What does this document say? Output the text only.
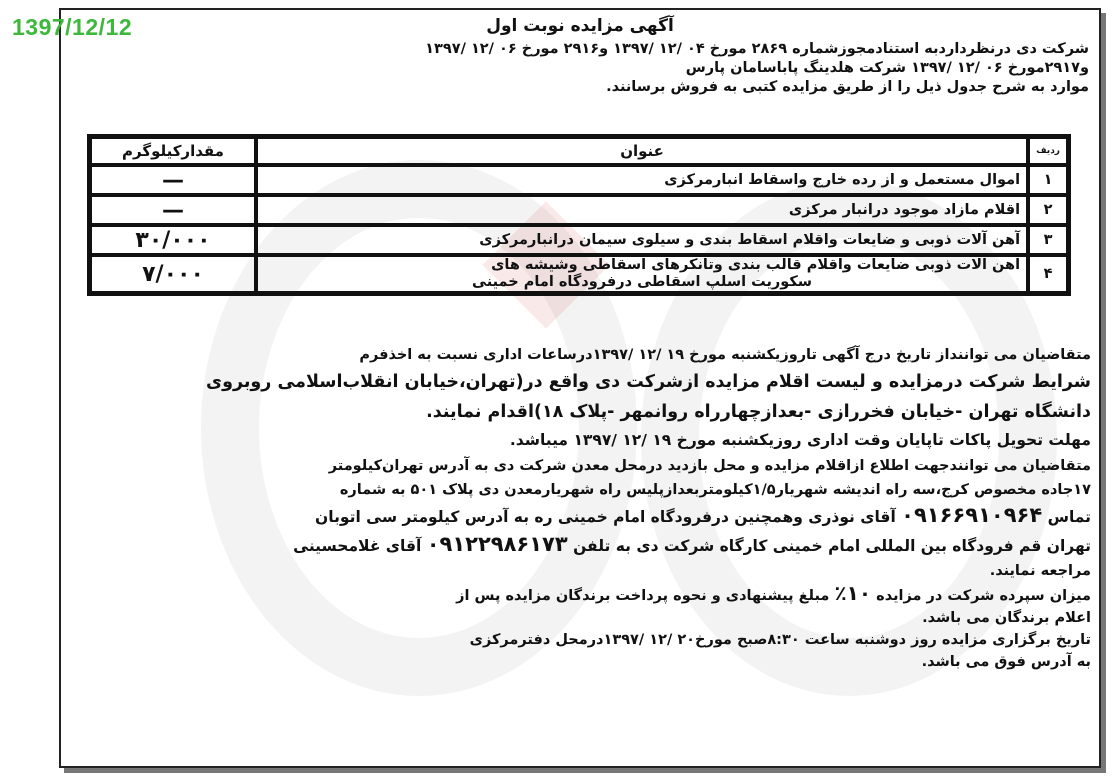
1397/12/12	آگهی مزایده نوبت اول
شرکت دی درنظرداردبه استنادمجوزشماره ۲۸۶۹ مورخ ۰۴ /۱۲ /۱۳۹۷ و۲۹۱۶ مورخ ۰۶ /۱۲ /۱۳۹۷
و۲۹۱۷مورخ ۰۶ /۱۲ /۱۳۹۷ شرکت هلدینگ پاباسامان پارس
موارد به شرح جدول ذیل را از طریق مزایده کتبی به فروش برسانند.
ردیف	عنوان	مقدارکیلوگرم
۱	اموال مستعمل و از رده خارج واسقاط انبارمرکزی	—
۲	اقلام مازاد موجود درانبار مرکزی	—
۳	آهن آلات ذوبی و ضایعات واقلام اسقاط بندی و سیلوی سیمان درانبارمرکزی	۳۰/۰۰۰
۴	آهن آلات ذوبی ضایعات واقلام قالب بندی وتانکرهای اسقاطی وشیشه های
سکوریت اسلپ اسقاطی درفرودگاه امام خمینی	۷/۰۰۰

متقاضیان می تواننداز تاریخ درج آگهی تاروزیکشنبه مورخ ۱۹ /۱۲ /۱۳۹۷درساعات اداری نسبت به اخذفرم

شرایط شرکت درمزایده و لیست اقلام مزایده ازشرکت دی واقع در(تهران،خیابان انقلاب‌اسلامی روبروی

دانشگاه تهران -خیابان فخررازی -بعدازچهارراه روانمهر -پلاک ۱۸)اقدام نمایند.

مهلت تحویل پاکات تاپایان وقت اداری روزیکشنبه مورخ ۱۹ /۱۲ /۱۳۹۷ میباشد.

متقاضیان می توانندجهت اطلاع ازاقلام مزایده و محل بازدید درمحل معدن شرکت دی به آدرس تهران‌کیلومتر

۱۷جاده مخصوص کرج،سه راه اندیشه شهریار۱/۵کیلومتربعدازپلیس راه شهریارمعدن دی پلاک ۵۰۱ به شماره

تماس ۰۹۱۶۶۹۱۰۹۶۴ آقای نوذری وهمچنین درفرودگاه امام خمینی ره به آدرس کیلومتر سی اتوبان

تهران قم فرودگاه بین المللی امام خمینی کارگاه شرکت دی به تلفن ۰۹۱۲۲۹۸۶۱۷۳ آقای غلامحسینی

مراجعه نمایند.

میزان سپرده شرکت در مزایده ۱۰٪ مبلغ پیشنهادی و نحوه پرداخت برندگان مزایده پس از

اعلام برندگان می باشد.

تاریخ برگزاری مزایده روز دوشنبه ساعت ۸:۳۰صبح مورخ۲۰ /۱۲ /۱۳۹۷درمحل دفترمرکزی

به آدرس فوق می باشد.
